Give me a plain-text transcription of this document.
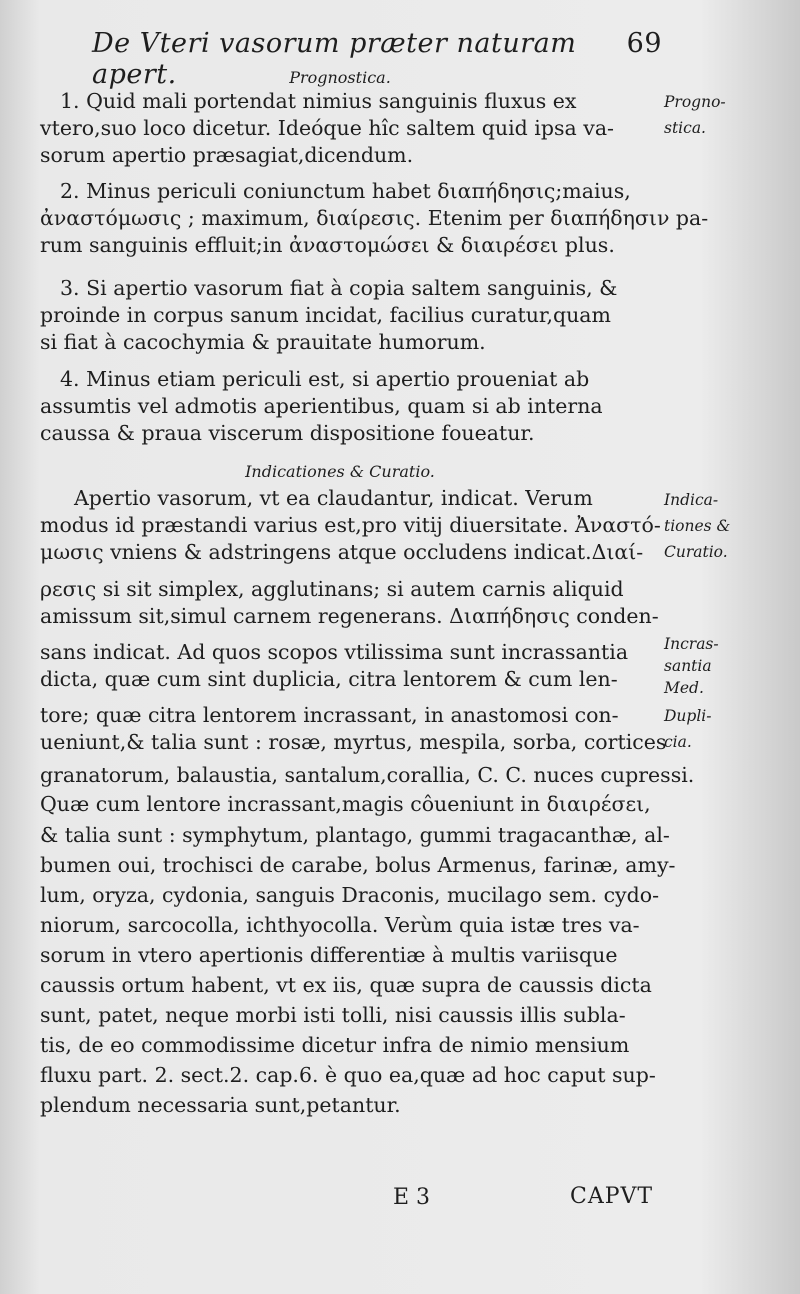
De Vteri vasorum præter naturam apert.
69
Prognostica.
Indicationes & Curatio.
1. Quid mali portendat nimius sanguinis fluxus ex
vtero,suo loco dicetur. Ideóque hîc saltem quid ipsa va-
sorum apertio præsagiat,dicendum.
2. Minus periculi coniunctum habet διαπήδησις;maius,
ἀναστόμωσις ; maximum, διαίρεσις. Etenim per διαπήδησιν pa-
rum sanguinis effluit;in ἀναστομώσει & διαιρέσει plus.
3. Si apertio vasorum fiat à copia saltem sanguinis, &
proinde in corpus sanum incidat, facilius curatur,quam
si fiat à cacochymia & prauitate humorum.
4. Minus etiam periculi est, si apertio proueniat ab
assumtis vel admotis aperientibus, quam si ab interna
caussa & praua viscerum dispositione foueatur.
Apertio vasorum, vt ea claudantur, indicat. Verum
modus id præstandi varius est,pro vitij diuersitate. Ἀναστό-
μωσις vniens & adstringens atque occludens indicat.Διαί-
ρεσις si sit simplex, agglutinans; si autem carnis aliquid
amissum sit,simul carnem regenerans. Διαπήδησις conden-
sans indicat. Ad quos scopos vtilissima sunt incrassantia
dicta, quæ cum sint duplicia, citra lentorem & cum len-
tore; quæ citra lentorem incrassant, in anastomosi con-
ueniunt,& talia sunt : rosæ, myrtus, mespila, sorba, cortices
granatorum, balaustia, santalum,corallia, C. C. nuces cupressi.
Quæ cum lentore incrassant,magis côueniunt in διαιρέσει,
& talia sunt : symphytum, plantago, gummi tragacanthæ, al-
bumen oui, trochisci de carabe, bolus Armenus, farinæ, amy-
lum, oryza, cydonia, sanguis Draconis, mucilago sem. cydo-
niorum, sarcocolla, ichthyocolla. Verùm quia istæ tres va-
sorum in vtero apertionis differentiæ à multis variisque
caussis ortum habent, vt ex iis, quæ supra de caussis dicta
sunt, patet, neque morbi isti tolli, nisi caussis illis subla-
tis, de eo commodissime dicetur infra de nimio mensium
fluxu part. 2. sect.2. cap.6. è quo ea,quæ ad hoc caput sup-
plendum necessaria sunt,petantur.
Progno-
stica.
Indica-
tiones &
Curatio.
Incras-
santia
Med.
Dupli-
cia.
E 3	CAPVT
